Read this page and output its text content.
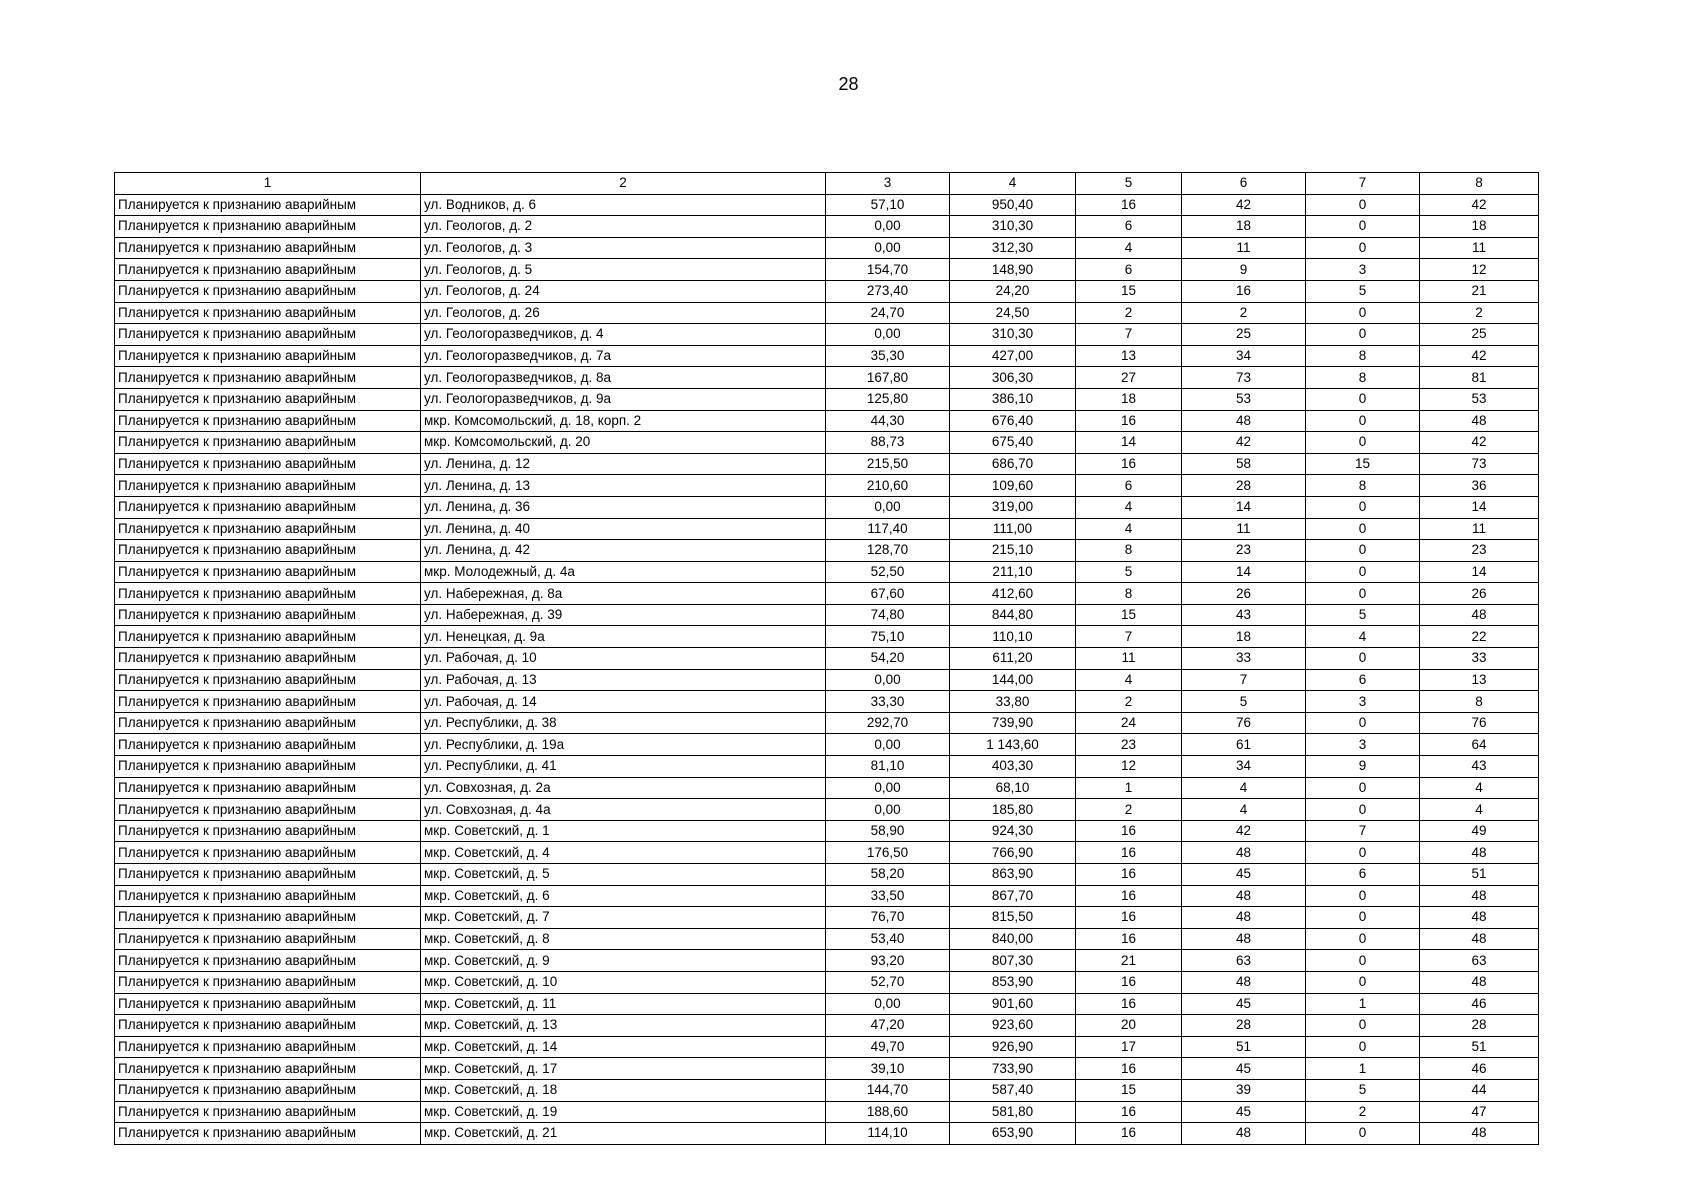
28
1	2	3	4	5	6	7	8
Планируется к признанию аварийным	ул. Водников, д. 6	57,10	950,40	16	42	0	42
Планируется к признанию аварийным	ул. Геологов, д. 2	0,00	310,30	6	18	0	18
Планируется к признанию аварийным	ул. Геологов, д. 3	0,00	312,30	4	11	0	11
Планируется к признанию аварийным	ул. Геологов, д. 5	154,70	148,90	6	9	3	12
Планируется к признанию аварийным	ул. Геологов, д. 24	273,40	24,20	15	16	5	21
Планируется к признанию аварийным	ул. Геологов, д. 26	24,70	24,50	2	2	0	2
Планируется к признанию аварийным	ул. Геологоразведчиков, д. 4	0,00	310,30	7	25	0	25
Планируется к признанию аварийным	ул. Геологоразведчиков, д. 7а	35,30	427,00	13	34	8	42
Планируется к признанию аварийным	ул. Геологоразведчиков, д. 8а	167,80	306,30	27	73	8	81
Планируется к признанию аварийным	ул. Геологоразведчиков, д. 9а	125,80	386,10	18	53	0	53
Планируется к признанию аварийным	мкр. Комсомольский, д. 18, корп. 2	44,30	676,40	16	48	0	48
Планируется к признанию аварийным	мкр. Комсомольский, д. 20	88,73	675,40	14	42	0	42
Планируется к признанию аварийным	ул. Ленина, д. 12	215,50	686,70	16	58	15	73
Планируется к признанию аварийным	ул. Ленина, д. 13	210,60	109,60	6	28	8	36
Планируется к признанию аварийным	ул. Ленина, д. 36	0,00	319,00	4	14	0	14
Планируется к признанию аварийным	ул. Ленина, д. 40	117,40	111,00	4	11	0	11
Планируется к признанию аварийным	ул. Ленина, д. 42	128,70	215,10	8	23	0	23
Планируется к признанию аварийным	мкр. Молодежный, д. 4а	52,50	211,10	5	14	0	14
Планируется к признанию аварийным	ул. Набережная, д. 8а	67,60	412,60	8	26	0	26
Планируется к признанию аварийным	ул. Набережная, д. 39	74,80	844,80	15	43	5	48
Планируется к признанию аварийным	ул. Ненецкая, д. 9а	75,10	110,10	7	18	4	22
Планируется к признанию аварийным	ул. Рабочая, д. 10	54,20	611,20	11	33	0	33
Планируется к признанию аварийным	ул. Рабочая, д. 13	0,00	144,00	4	7	6	13
Планируется к признанию аварийным	ул. Рабочая, д. 14	33,30	33,80	2	5	3	8
Планируется к признанию аварийным	ул. Республики, д. 38	292,70	739,90	24	76	0	76
Планируется к признанию аварийным	ул. Республики, д. 19а	0,00	1 143,60	23	61	3	64
Планируется к признанию аварийным	ул. Республики, д. 41	81,10	403,30	12	34	9	43
Планируется к признанию аварийным	ул. Совхозная, д. 2а	0,00	68,10	1	4	0	4
Планируется к признанию аварийным	ул. Совхозная, д. 4а	0,00	185,80	2	4	0	4
Планируется к признанию аварийным	мкр. Советский, д. 1	58,90	924,30	16	42	7	49
Планируется к признанию аварийным	мкр. Советский, д. 4	176,50	766,90	16	48	0	48
Планируется к признанию аварийным	мкр. Советский, д. 5	58,20	863,90	16	45	6	51
Планируется к признанию аварийным	мкр. Советский, д. 6	33,50	867,70	16	48	0	48
Планируется к признанию аварийным	мкр. Советский, д. 7	76,70	815,50	16	48	0	48
Планируется к признанию аварийным	мкр. Советский, д. 8	53,40	840,00	16	48	0	48
Планируется к признанию аварийным	мкр. Советский, д. 9	93,20	807,30	21	63	0	63
Планируется к признанию аварийным	мкр. Советский, д. 10	52,70	853,90	16	48	0	48
Планируется к признанию аварийным	мкр. Советский, д. 11	0,00	901,60	16	45	1	46
Планируется к признанию аварийным	мкр. Советский, д. 13	47,20	923,60	20	28	0	28
Планируется к признанию аварийным	мкр. Советский, д. 14	49,70	926,90	17	51	0	51
Планируется к признанию аварийным	мкр. Советский, д. 17	39,10	733,90	16	45	1	46
Планируется к признанию аварийным	мкр. Советский, д. 18	144,70	587,40	15	39	5	44
Планируется к признанию аварийным	мкр. Советский, д. 19	188,60	581,80	16	45	2	47
Планируется к признанию аварийным	мкр. Советский, д. 21	114,10	653,90	16	48	0	48
